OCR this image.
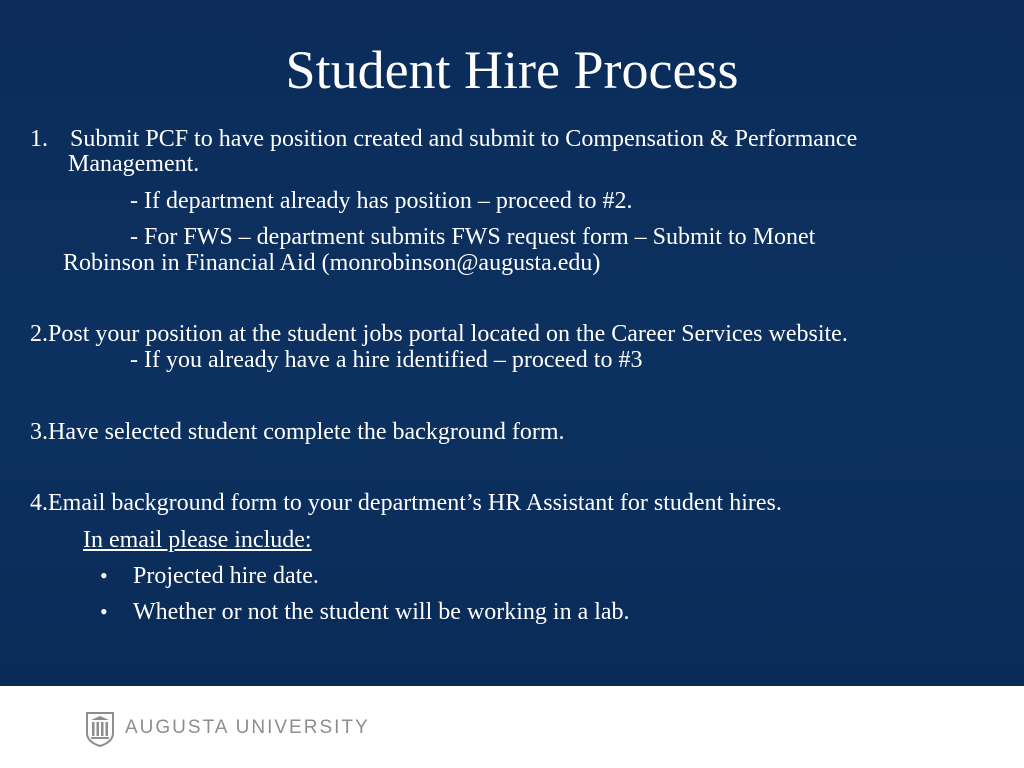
Student Hire Process
1. Submit PCF to have position created and submit to Compensation & Performance
Management.
- If department already has position – proceed to #2.
- For FWS – department submits FWS request form – Submit to Monet
Robinson in Financial Aid (monrobinson@augusta.edu)
2.Post your position at the student jobs portal located on the Career Services website.
- If you already have a hire identified – proceed to #3
3.Have selected student complete the background form.
4.Email background form to your department’s HR Assistant for student hires.
In email please include:
• Projected hire date.
• Whether or not the student will be working in a lab.
AUGUSTA UNIVERSITY
